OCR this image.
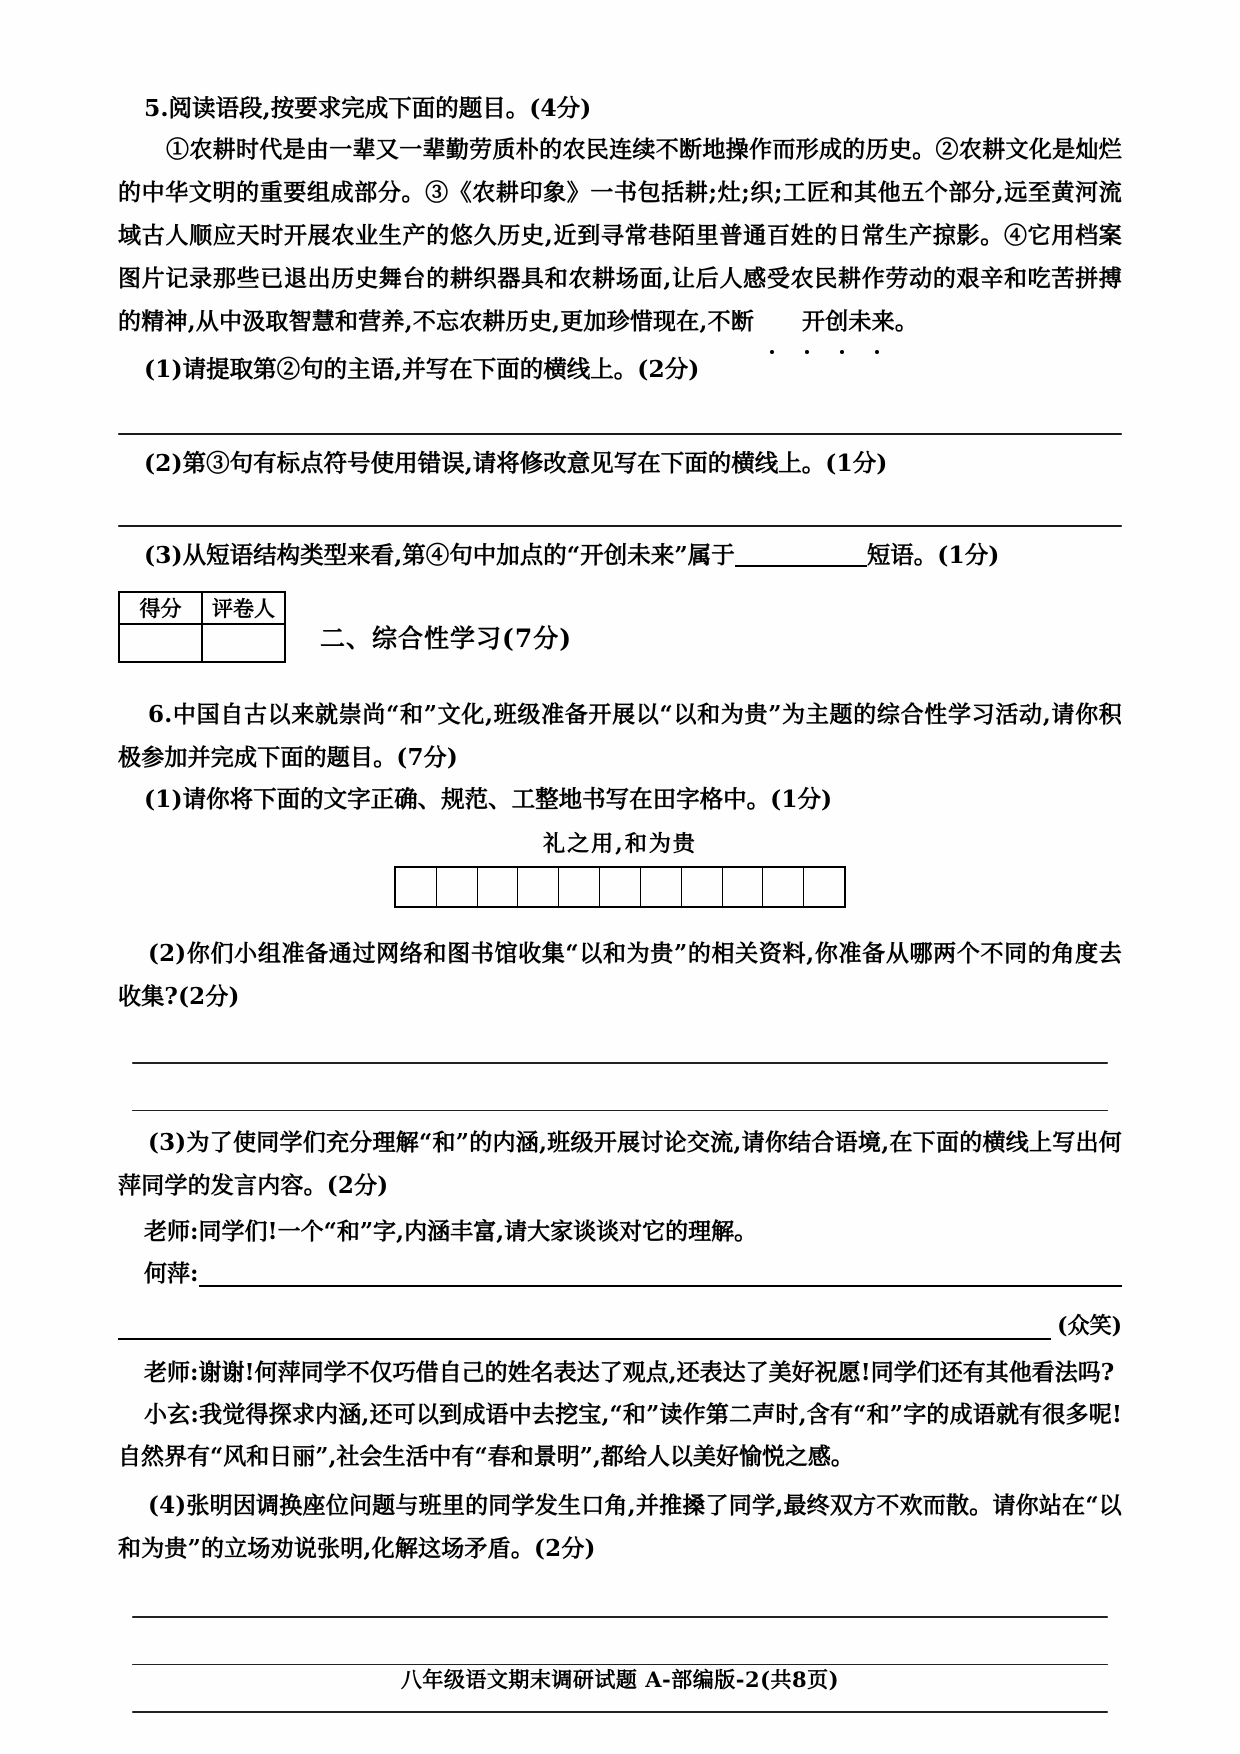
5.阅读语段,按要求完成下面的题目。(4分)
①农耕时代是由一辈又一辈勤劳质朴的农民连续不断地操作而形成的历史。②农耕文化是灿烂的中华文明的重要组成部分。③《农耕印象》一书包括耕;灶;织;工匠和其他五个部分,远至黄河流域古人顺应天时开展农业生产的悠久历史,近到寻常巷陌里普通百姓的日常生产掠影。④它用档案图片记录那些已退出历史舞台的耕织器具和农耕场面,让后人感受农民耕作劳动的艰辛和吃苦拼搏的精神,从中汲取智慧和营养,不忘农耕历史,更加珍惜现在,不断 开创未来
。
(1)请提取第②句的主语,并写在下面的横线上。(2分)
(2)第③句有标点符号使用错误,请将修改意见写在下面的横线上。(1分)
(3)从短语结构类型来看,第④句中加点的“开创未来”属于	短语。(1分)
得分	评卷人

二、综合性学习(7分)
6.中国自古以来就崇尚“和”文化,班级准备开展以“以和为贵”为主题的综合性学习活动,请你积极参加并完成下面的题目。(7分)
(1)请你将下面的文字正确、规范、工整地书写在田字格中。(1分)
礼之用,和为贵
(2)你们小组准备通过网络和图书馆收集“以和为贵”的相关资料,你准备从哪两个不同的角度去收集?(2分)
(3)为了使同学们充分理解“和”的内涵,班级开展讨论交流,请你结合语境,在下面的横线上写出何萍同学的发言内容。(2分)
老师:同学们!一个“和”字,内涵丰富,请大家谈谈对它的理解。
何萍:
(众笑)
老师:谢谢!何萍同学不仅巧借自己的姓名表达了观点,还表达了美好祝愿!同学们还有其他看法吗?
小玄:我觉得探求内涵,还可以到成语中去挖宝,“和”读作第二声时,含有“和”字的成语就有很多呢!自然界有“风和日丽”,社会生活中有“春和景明”,都给人以美好愉悦之感。
(4)张明因调换座位问题与班里的同学发生口角,并推搡了同学,最终双方不欢而散。请你站在“以和为贵”的立场劝说张明,化解这场矛盾。(2分)
八年级语文期末调研试题 A-部编版-2(共8页)
